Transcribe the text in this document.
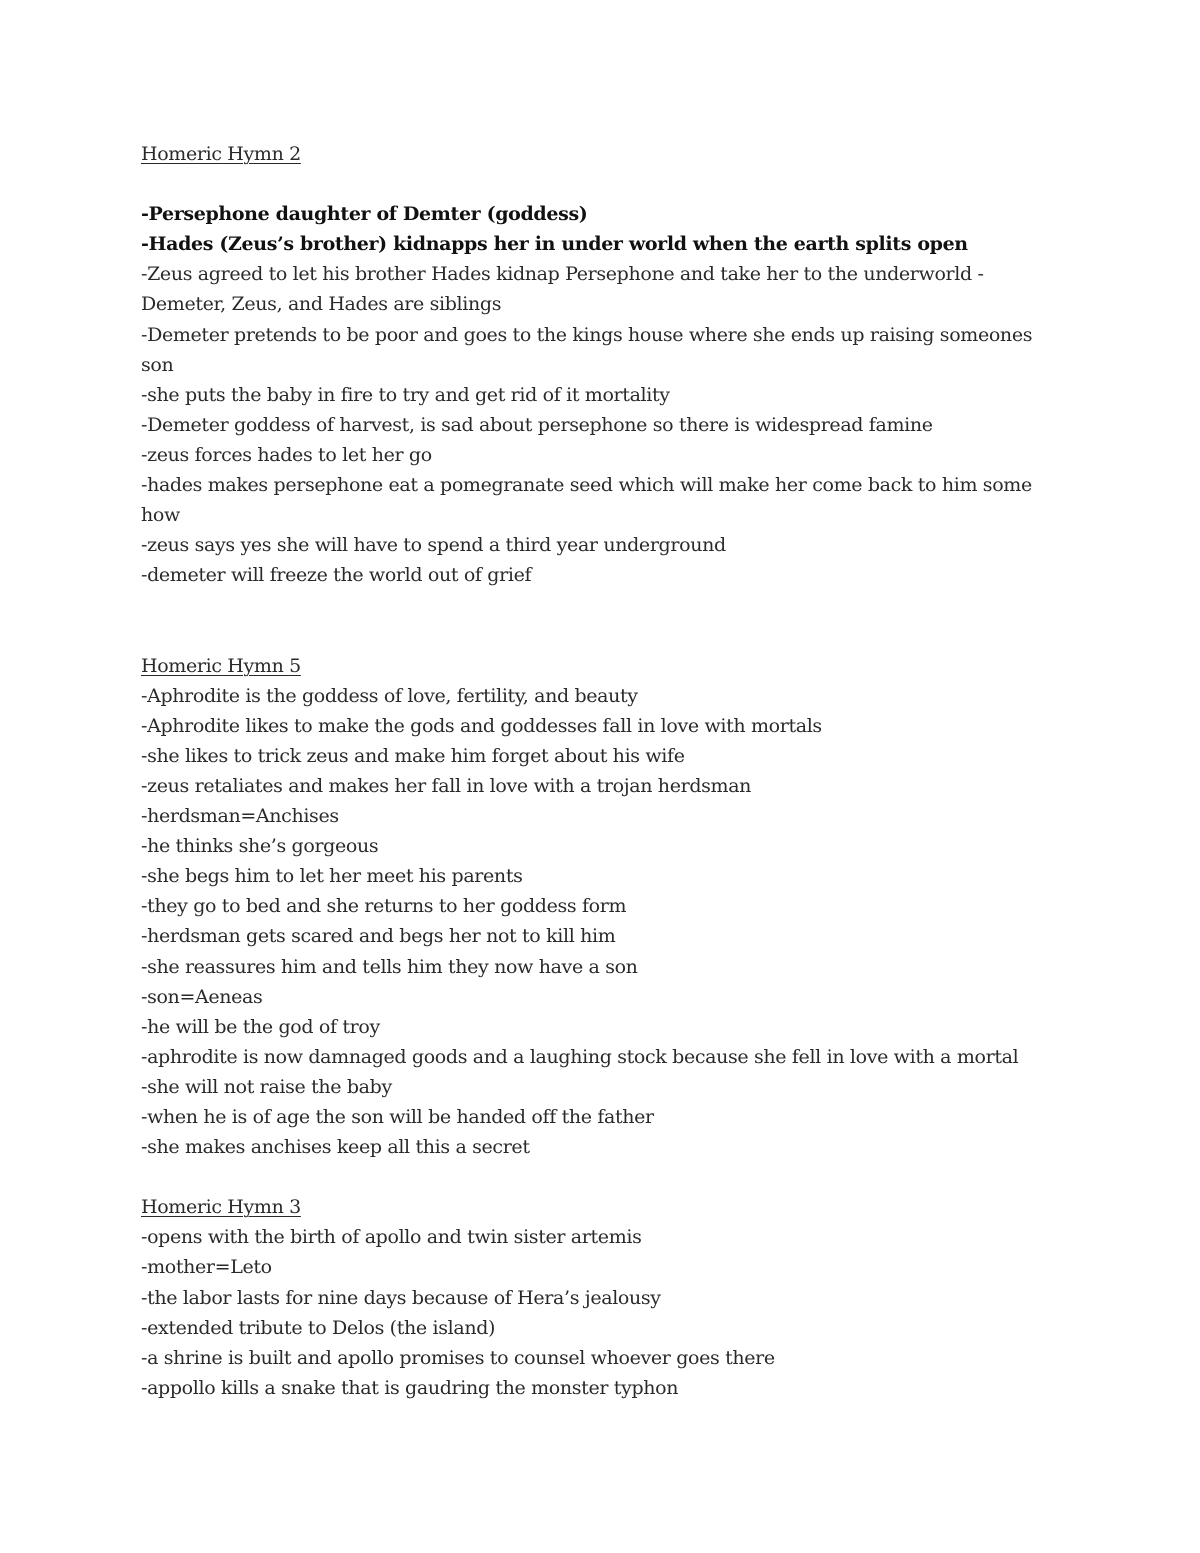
Homeric Hymn 2
-Persephone daughter of Demter (goddess)
-Hades (Zeus’s brother) kidnapps her in under world when the earth splits open
-Zeus agreed to let his brother Hades kidnap Persephone and take her to the underworld - Demeter, Zeus, and Hades are siblings
-Demeter pretends to be poor and goes to the kings house where she ends up raising someones son
-she puts the baby in fire to try and get rid of it mortality
-Demeter goddess of harvest, is sad about persephone so there is widespread famine
-zeus forces hades to let her go
-hades makes persephone eat a pomegranate seed which will make her come back to him some how
-zeus says yes she will have to spend a third year underground
-demeter will freeze the world out of grief
Homeric Hymn 5
-Aphrodite is the goddess of love, fertility, and beauty
-Aphrodite likes to make the gods and goddesses fall in love with mortals
-she likes to trick zeus and make him forget about his wife
-zeus retaliates and makes her fall in love with a trojan herdsman
-herdsman=Anchises
-he thinks she’s gorgeous
-she begs him to let her meet his parents
-they go to bed and she returns to her goddess form
-herdsman gets scared and begs her not to kill him
-she reassures him and tells him they now have a son
-son=Aeneas
-he will be the god of troy
-aphrodite is now damnaged goods and a laughing stock because she fell in love with a mortal
-she will not raise the baby
-when he is of age the son will be handed off the father
-she makes anchises keep all this a secret
Homeric Hymn 3
-opens with the birth of apollo and twin sister artemis
-mother=Leto
-the labor lasts for nine days because of Hera’s jealousy
-extended tribute to Delos (the island)
-a shrine is built and apollo promises to counsel whoever goes there
-appollo kills a snake that is gaudring the monster typhon
